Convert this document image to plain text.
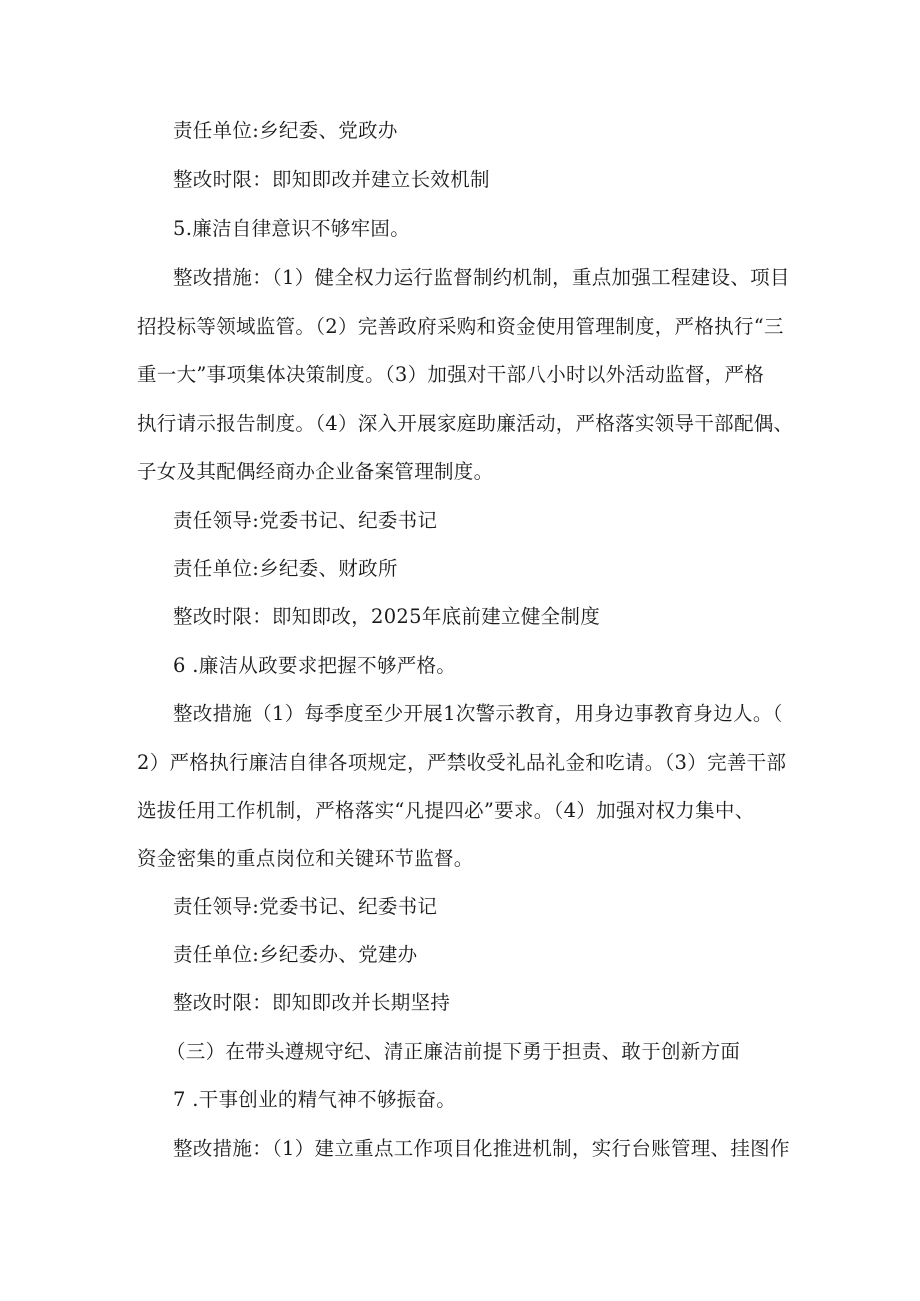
责任单位:乡纪委、党政办
整改时限：即知即改并建立长效机制
5.廉洁自律意识不够牢固。
整改措施：（1）健全权力运行监督制约机制，重点加强工程建设、项目
招投标等领域监管。（2）完善政府采购和资金使用管理制度，严格执行“三
重一大”事项集体决策制度。（3）加强对干部八小时以外活动监督，严格
执行请示报告制度。（4）深入开展家庭助廉活动，严格落实领导干部配偶、
子女及其配偶经商办企业备案管理制度。
责任领导:党委书记、纪委书记
责任单位:乡纪委、财政所
整改时限：即知即改，2025年底前建立健全制度
6 .廉洁从政要求把握不够严格。
整改措施（1）每季度至少开展1次警示教育，用身边事教育身边人。（
2）严格执行廉洁自律各项规定，严禁收受礼品礼金和吃请。（3）完善干部
选拔任用工作机制，严格落实“凡提四必”要求。（4）加强对权力集中、
资金密集的重点岗位和关键环节监督。
责任领导:党委书记、纪委书记
责任单位:乡纪委办、党建办
整改时限：即知即改并长期坚持
（三）在带头遵规守纪、清正廉洁前提下勇于担责、敢于创新方面
7 .干事创业的精气神不够振奋。
整改措施：（1）建立重点工作项目化推进机制，实行台账管理、挂图作
